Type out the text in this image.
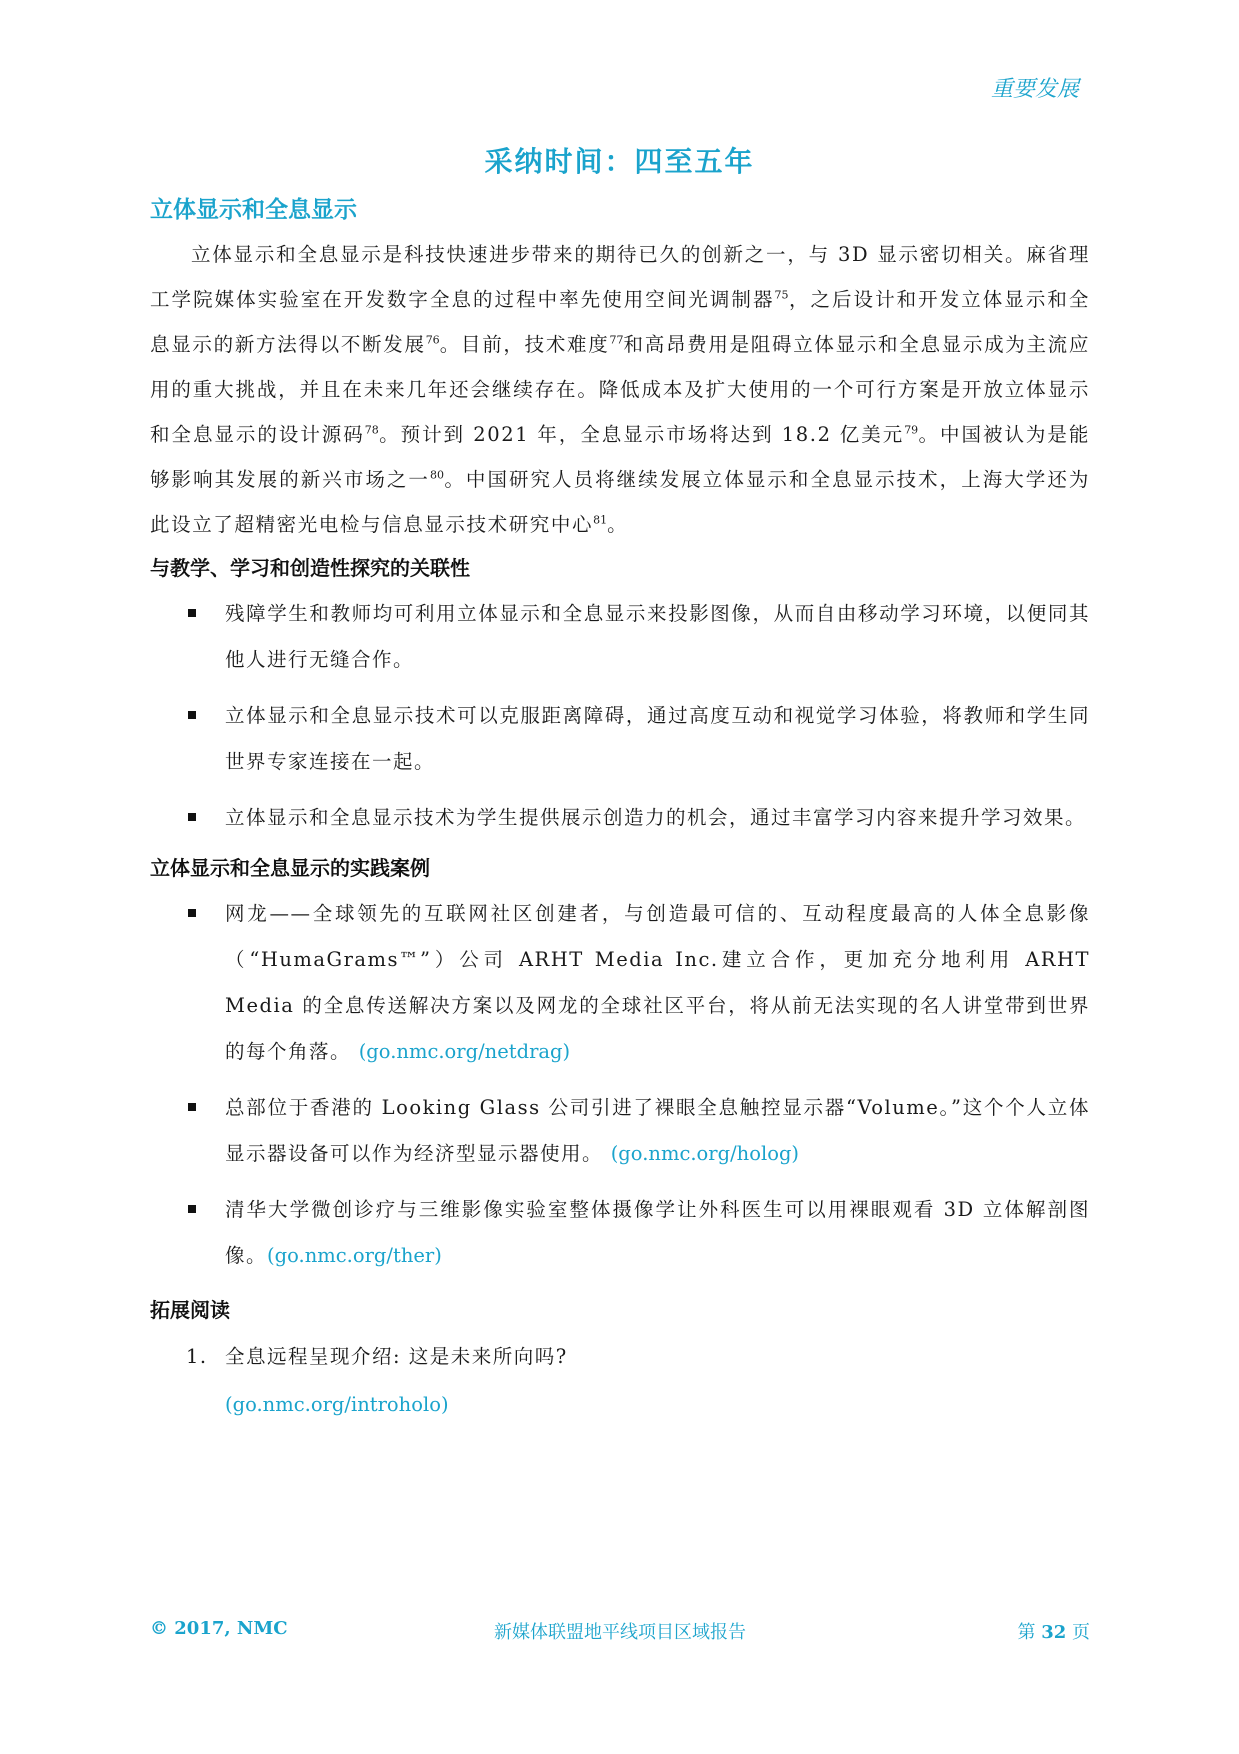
重要发展
采纳时间：四至五年
立体显示和全息显示

立体显示和全息显示是科技快速进步带来的期待已久的创新之一，与 3D 显示密切相关。麻省理工学院媒体实验室在开发数字全息的过程中率先使用空间光调制器$^{75}$，之后设计和开发立体显示和全息显示的新方法得以不断发展$^{76}$。目前，技术难度$^{77}$和高昂费用是阻碍立体显示和全息显示成为主流应用的重大挑战，并且在未来几年还会继续存在。降低成本及扩大使用的一个可行方案是开放立体显示和全息显示的设计源码$^{78}$。预计到 2021 年，全息显示市场将达到 18.2 亿美元$^{79}$。中国被认为是能够影响其发展的新兴市场之一$^{80}$。中国研究人员将继续发展立体显示和全息显示技术，上海大学还为此设立了超精密光电检与信息显示技术研究中心$^{81}$。

与教学、学习和创造性探究的关联性
残障学生和教师均可利用立体显示和全息显示来投影图像，从而自由移动学习环境，以便同其他人进行无缝合作。
立体显示和全息显示技术可以克服距离障碍，通过高度互动和视觉学习体验，将教师和学生同世界专家连接在一起。
立体显示和全息显示技术为学生提供展示创造力的机会，通过丰富学习内容来提升学习效果。
立体显示和全息显示的实践案例
网龙——全球领先的互联网社区创建者，与创造最可信的、互动程度最高的人体全息影像（“HumaGrams™”）公司 ARHT Media Inc.建立合作，更加充分地利用 ARHT Media 的全息传送解决方案以及网龙的全球社区平台，将从前无法实现的名人讲堂带到世界的每个角落。 (go.nmc.org/netdrag)
总部位于香港的 Looking Glass 公司引进了裸眼全息触控显示器“Volume。”这个个人立体显示器设备可以作为经济型显示器使用。 (go.nmc.org/holog)
清华大学微创诊疗与三维影像实验室整体摄像学让外科医生可以用裸眼观看 3D 立体解剖图像。(go.nmc.org/ther)
拓展阅读
1. 全息远程呈现介绍: 这是未来所向吗?
(go.nmc.org/introholo)
© 2017, NMC	新媒体联盟地平线项目区域报告	第 32 页
